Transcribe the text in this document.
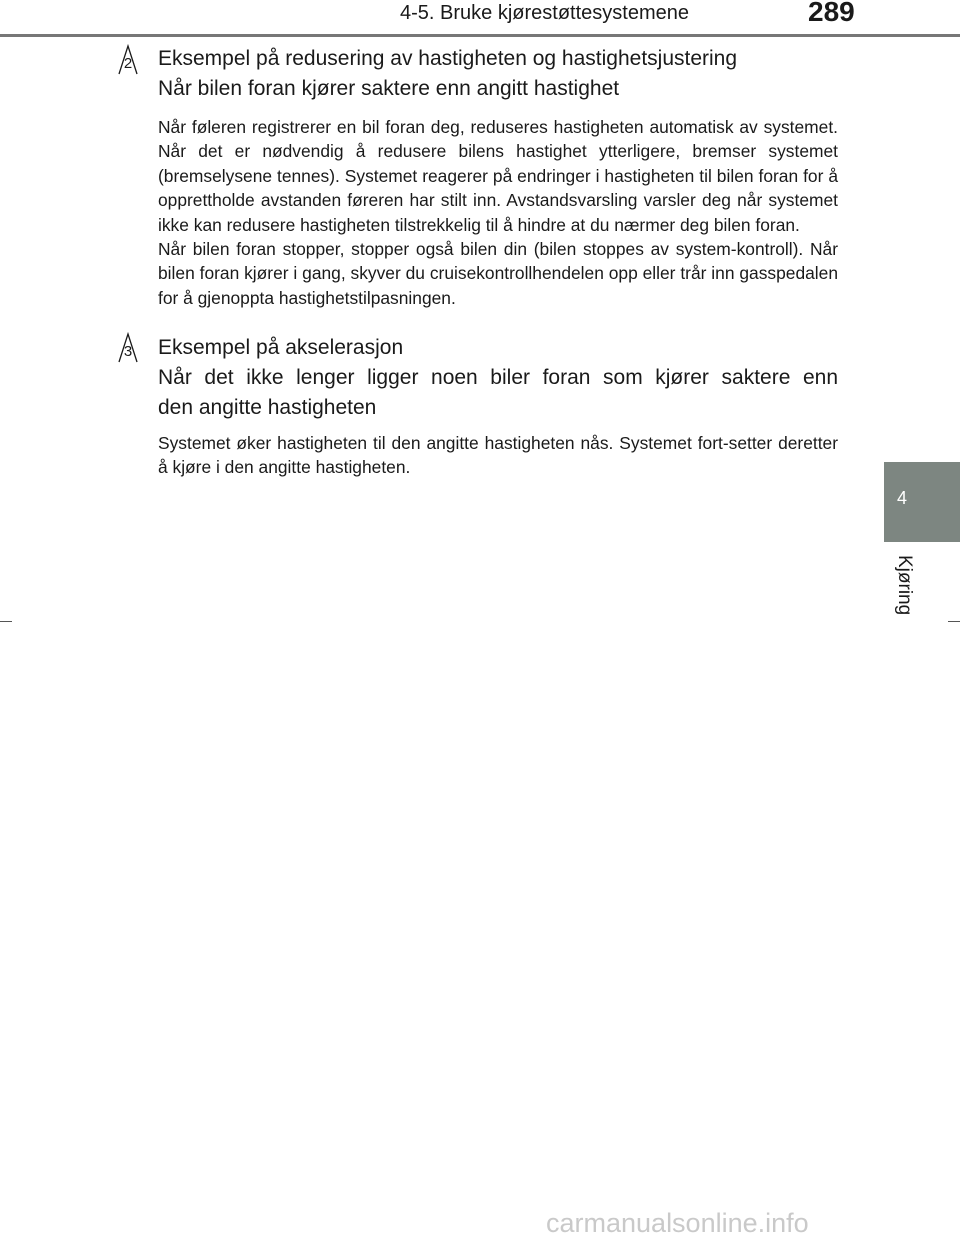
4-5. Bruke kjørestøttesystemene	289
4
Kjøring
2 Eksempel på redusering av hastigheten og hastighetsjustering

Når bilen foran kjører saktere enn angitt hastighet

Når føleren registrerer en bil foran deg, reduseres hastigheten automatisk av systemet. Når det er nødvendig å redusere bilens hastighet ytterligere, bremser systemet (bremselysene tennes). Systemet reagerer på endringer i hastigheten til bilen foran for å opprettholde avstanden føreren har stilt inn. Avstandsvarsling varsler deg når systemet ikke kan redusere hastigheten tilstrekkelig til å hindre at du nærmer deg bilen foran.

Når bilen foran stopper, stopper også bilen din (bilen stoppes av system-kontroll). Når bilen foran kjører i gang, skyver du cruisekontrollhendelen opp eller trår inn gasspedalen for å gjenoppta hastighetstilpasningen.

3 Eksempel på akselerasjon

Når det ikke lenger ligger noen biler foran som kjører saktere enn

den angitte hastigheten

Systemet øker hastigheten til den angitte hastigheten nås. Systemet fort-setter deretter å kjøre i den angitte hastigheten.

carmanualsonline.info
